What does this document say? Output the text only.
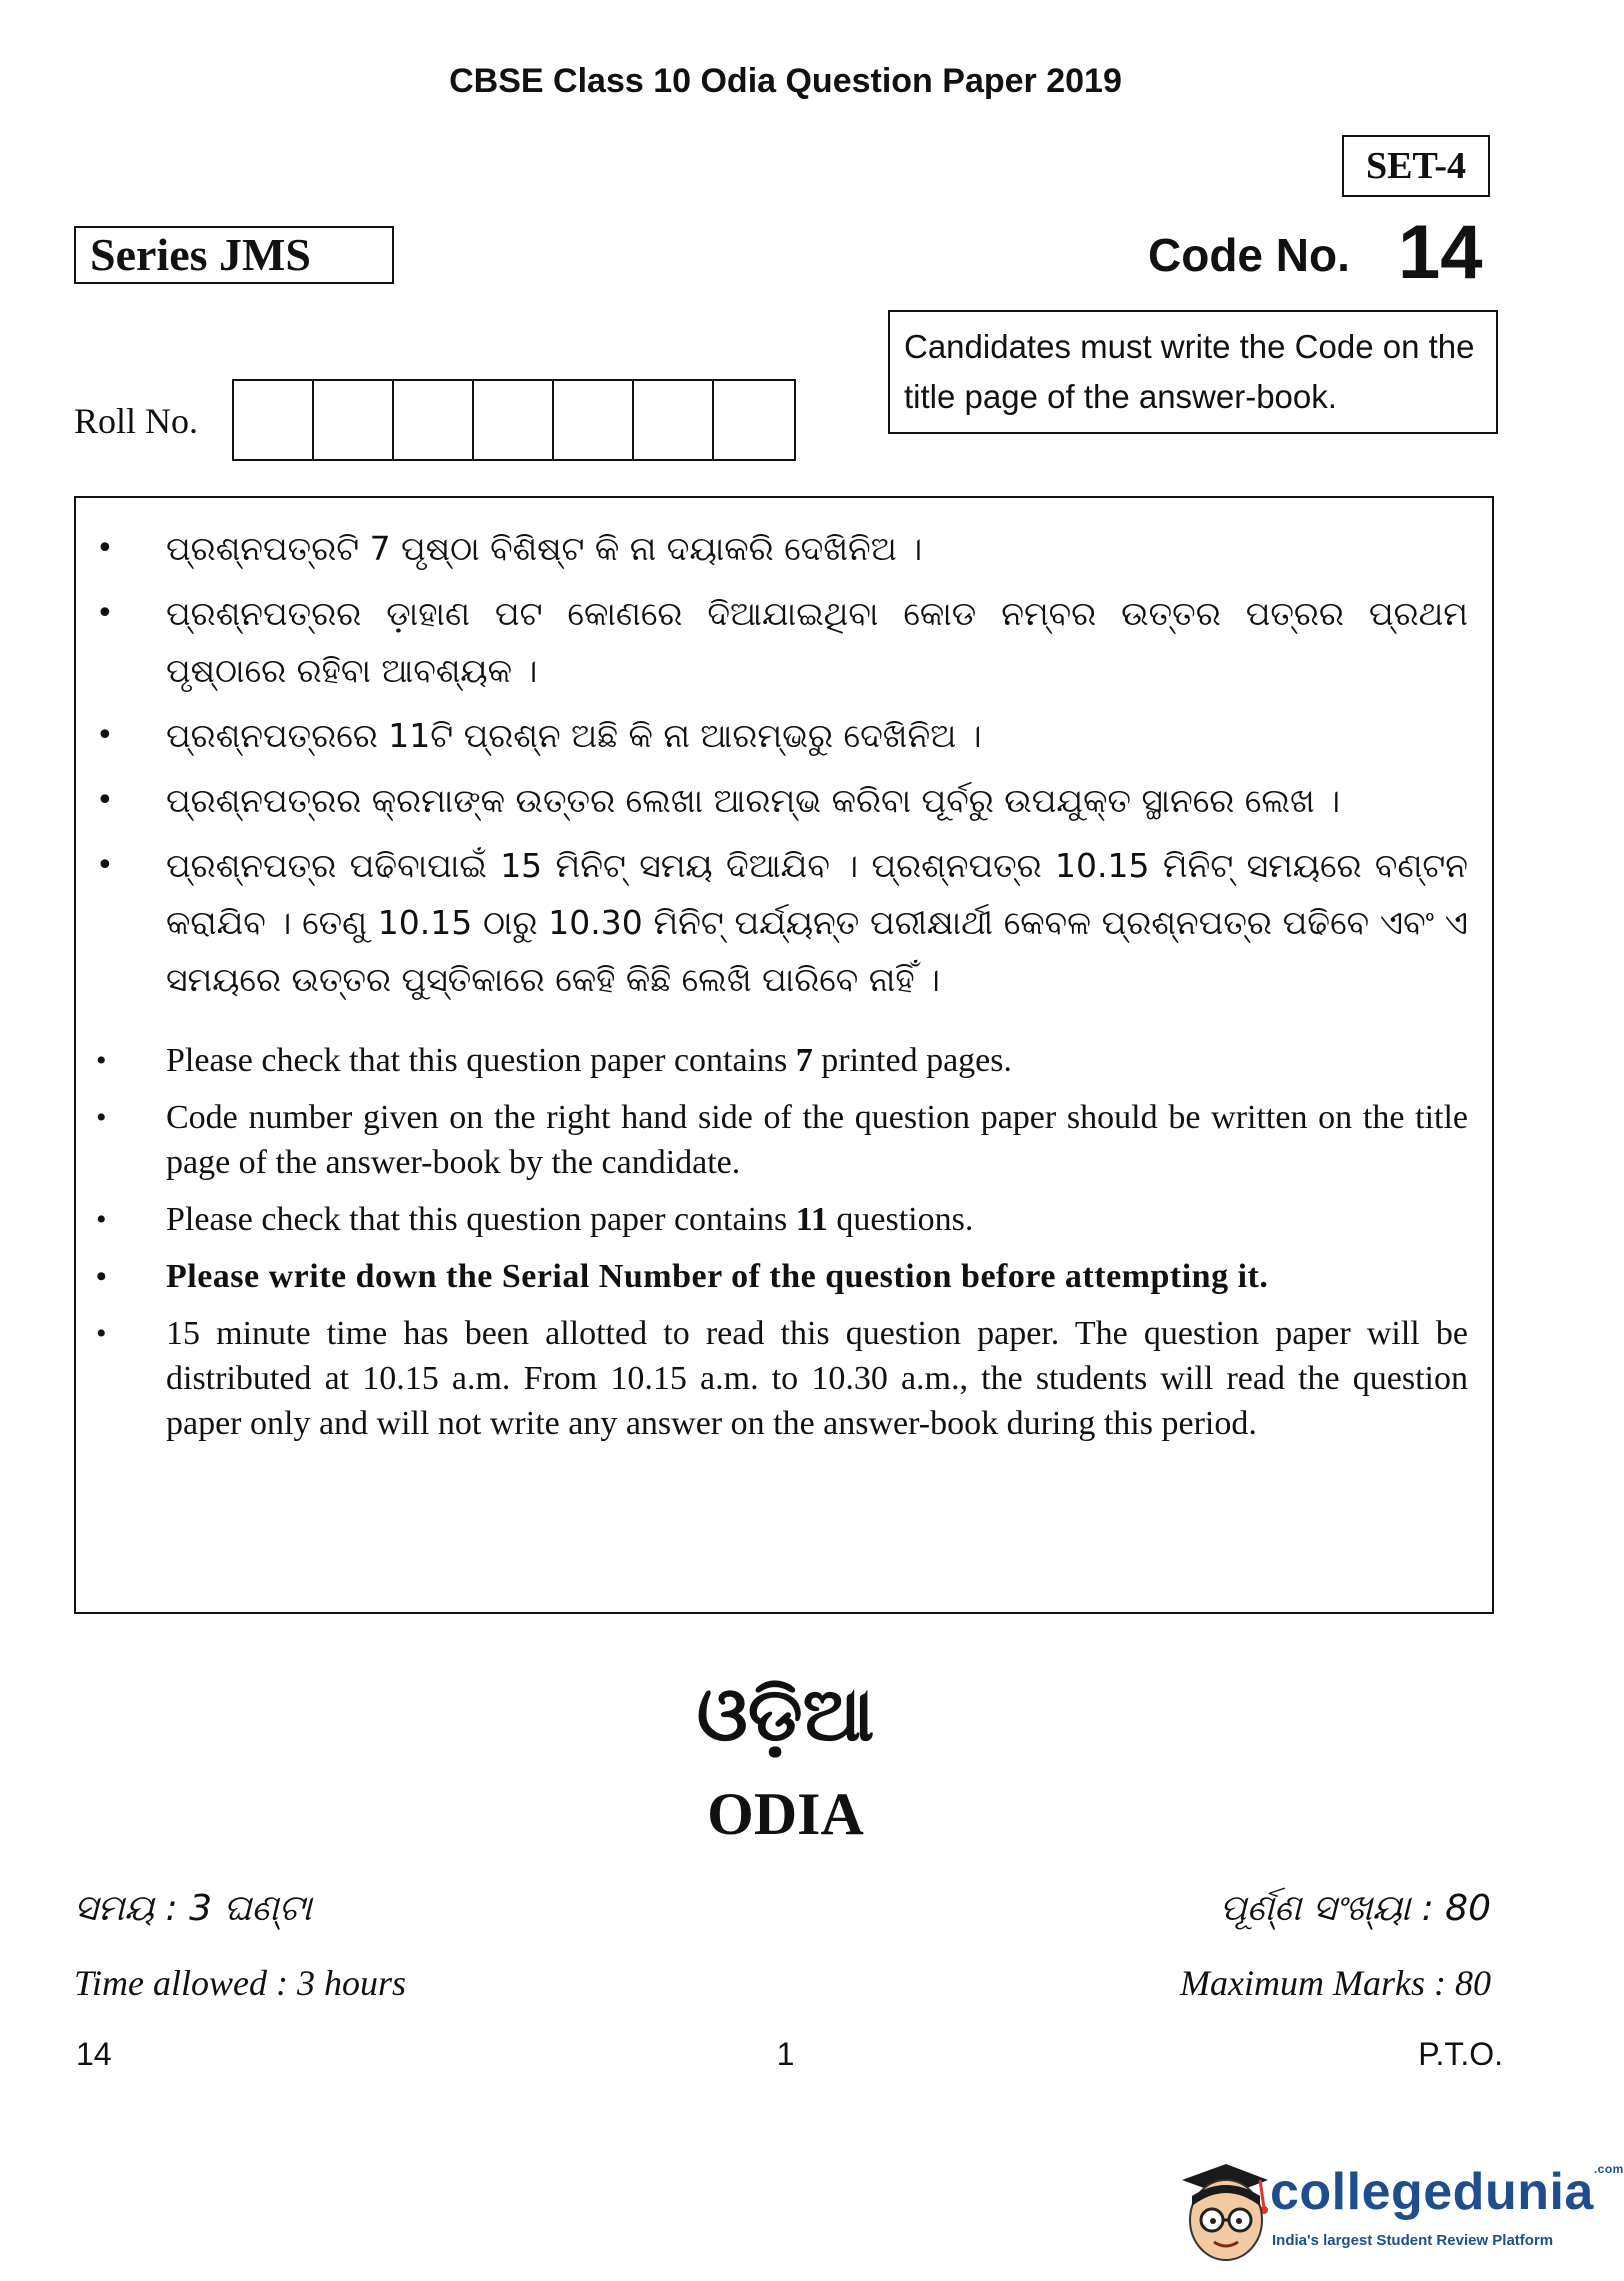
CBSE Class 10 Odia Question Paper 2019
SET-4
Series JMS	Code No. 14
Candidates must write the Code on the title page of the answer-book.
Roll No.
• ପ୍ରଶ୍ନପତ୍ରଟି 7 ପୃଷ୍ଠା ବିଶିଷ୍ଟ କି ନା ଦୟାକରି ଦେଖିନିଅ ।
• ପ୍ରଶ୍ନପତ୍ରର ଡ଼ାହାଣ ପଟ କୋଣରେ ଦିଆଯାଇଥିବା କୋଡ ନମ୍ବର ଉତ୍ତର ପତ୍ରର ପ୍ରଥମ ପୃଷ୍ଠାରେ ରହିବା ଆବଶ୍ୟକ ।
• ପ୍ରଶ୍ନପତ୍ରରେ 11ଟି ପ୍ରଶ୍ନ ଅଛି କି ନା ଆରମ୍ଭରୁ ଦେଖିନିଅ ।
• ପ୍ରଶ୍ନପତ୍ରର କ୍ରମାଙ୍କ ଉତ୍ତର ଲେଖା ଆରମ୍ଭ କରିବା ପୂର୍ବରୁ ଉପଯୁକ୍ତ ସ୍ଥାନରେ ଲେଖ ।
• ପ୍ରଶ୍ନପତ୍ର ପଢିବାପାଇଁ 15 ମିନିଟ୍ ସମୟ ଦିଆଯିବ । ପ୍ରଶ୍ନପତ୍ର 10.15 ମିନିଟ୍ ସମୟରେ ବଣ୍ଟନ କରାଯିବ । ତେଣୁ 10.15 ଠାରୁ 10.30 ମିନିଟ୍ ପର୍ଯ୍ୟନ୍ତ ପରୀକ୍ଷାର୍ଥୀ କେବଳ ପ୍ରଶ୍ନପତ୍ର ପଢିବେ ଏବଂ ଏ ସମୟରେ ଉତ୍ତର ପୁସ୍ତିକାରେ କେହି କିଛି ଲେଖି ପାରିବେ ନାହିଁ ।
• Please check that this question paper contains 7 printed pages.
• Code number given on the right hand side of the question paper should be written on the title page of the answer-book by the candidate.
• Please check that this question paper contains 11 questions.
• Please write down the Serial Number of the question before attempting it.
• 15 minute time has been allotted to read this question paper. The question paper will be distributed at 10.15 a.m. From 10.15 a.m. to 10.30 a.m., the students will read the question paper only and will not write any answer on the answer-book during this period.
ଓଡ଼ିଆ
ODIA
ସମୟ : 3 ଘଣ୍ଟା	ପୂର୍ଣ୍ଣ ସଂଖ୍ୟା : 80
Time allowed : 3 hours	Maximum Marks : 80
14	1	P.T.O.
collegedunia$^{.com}$
India's largest Student Review Platform
